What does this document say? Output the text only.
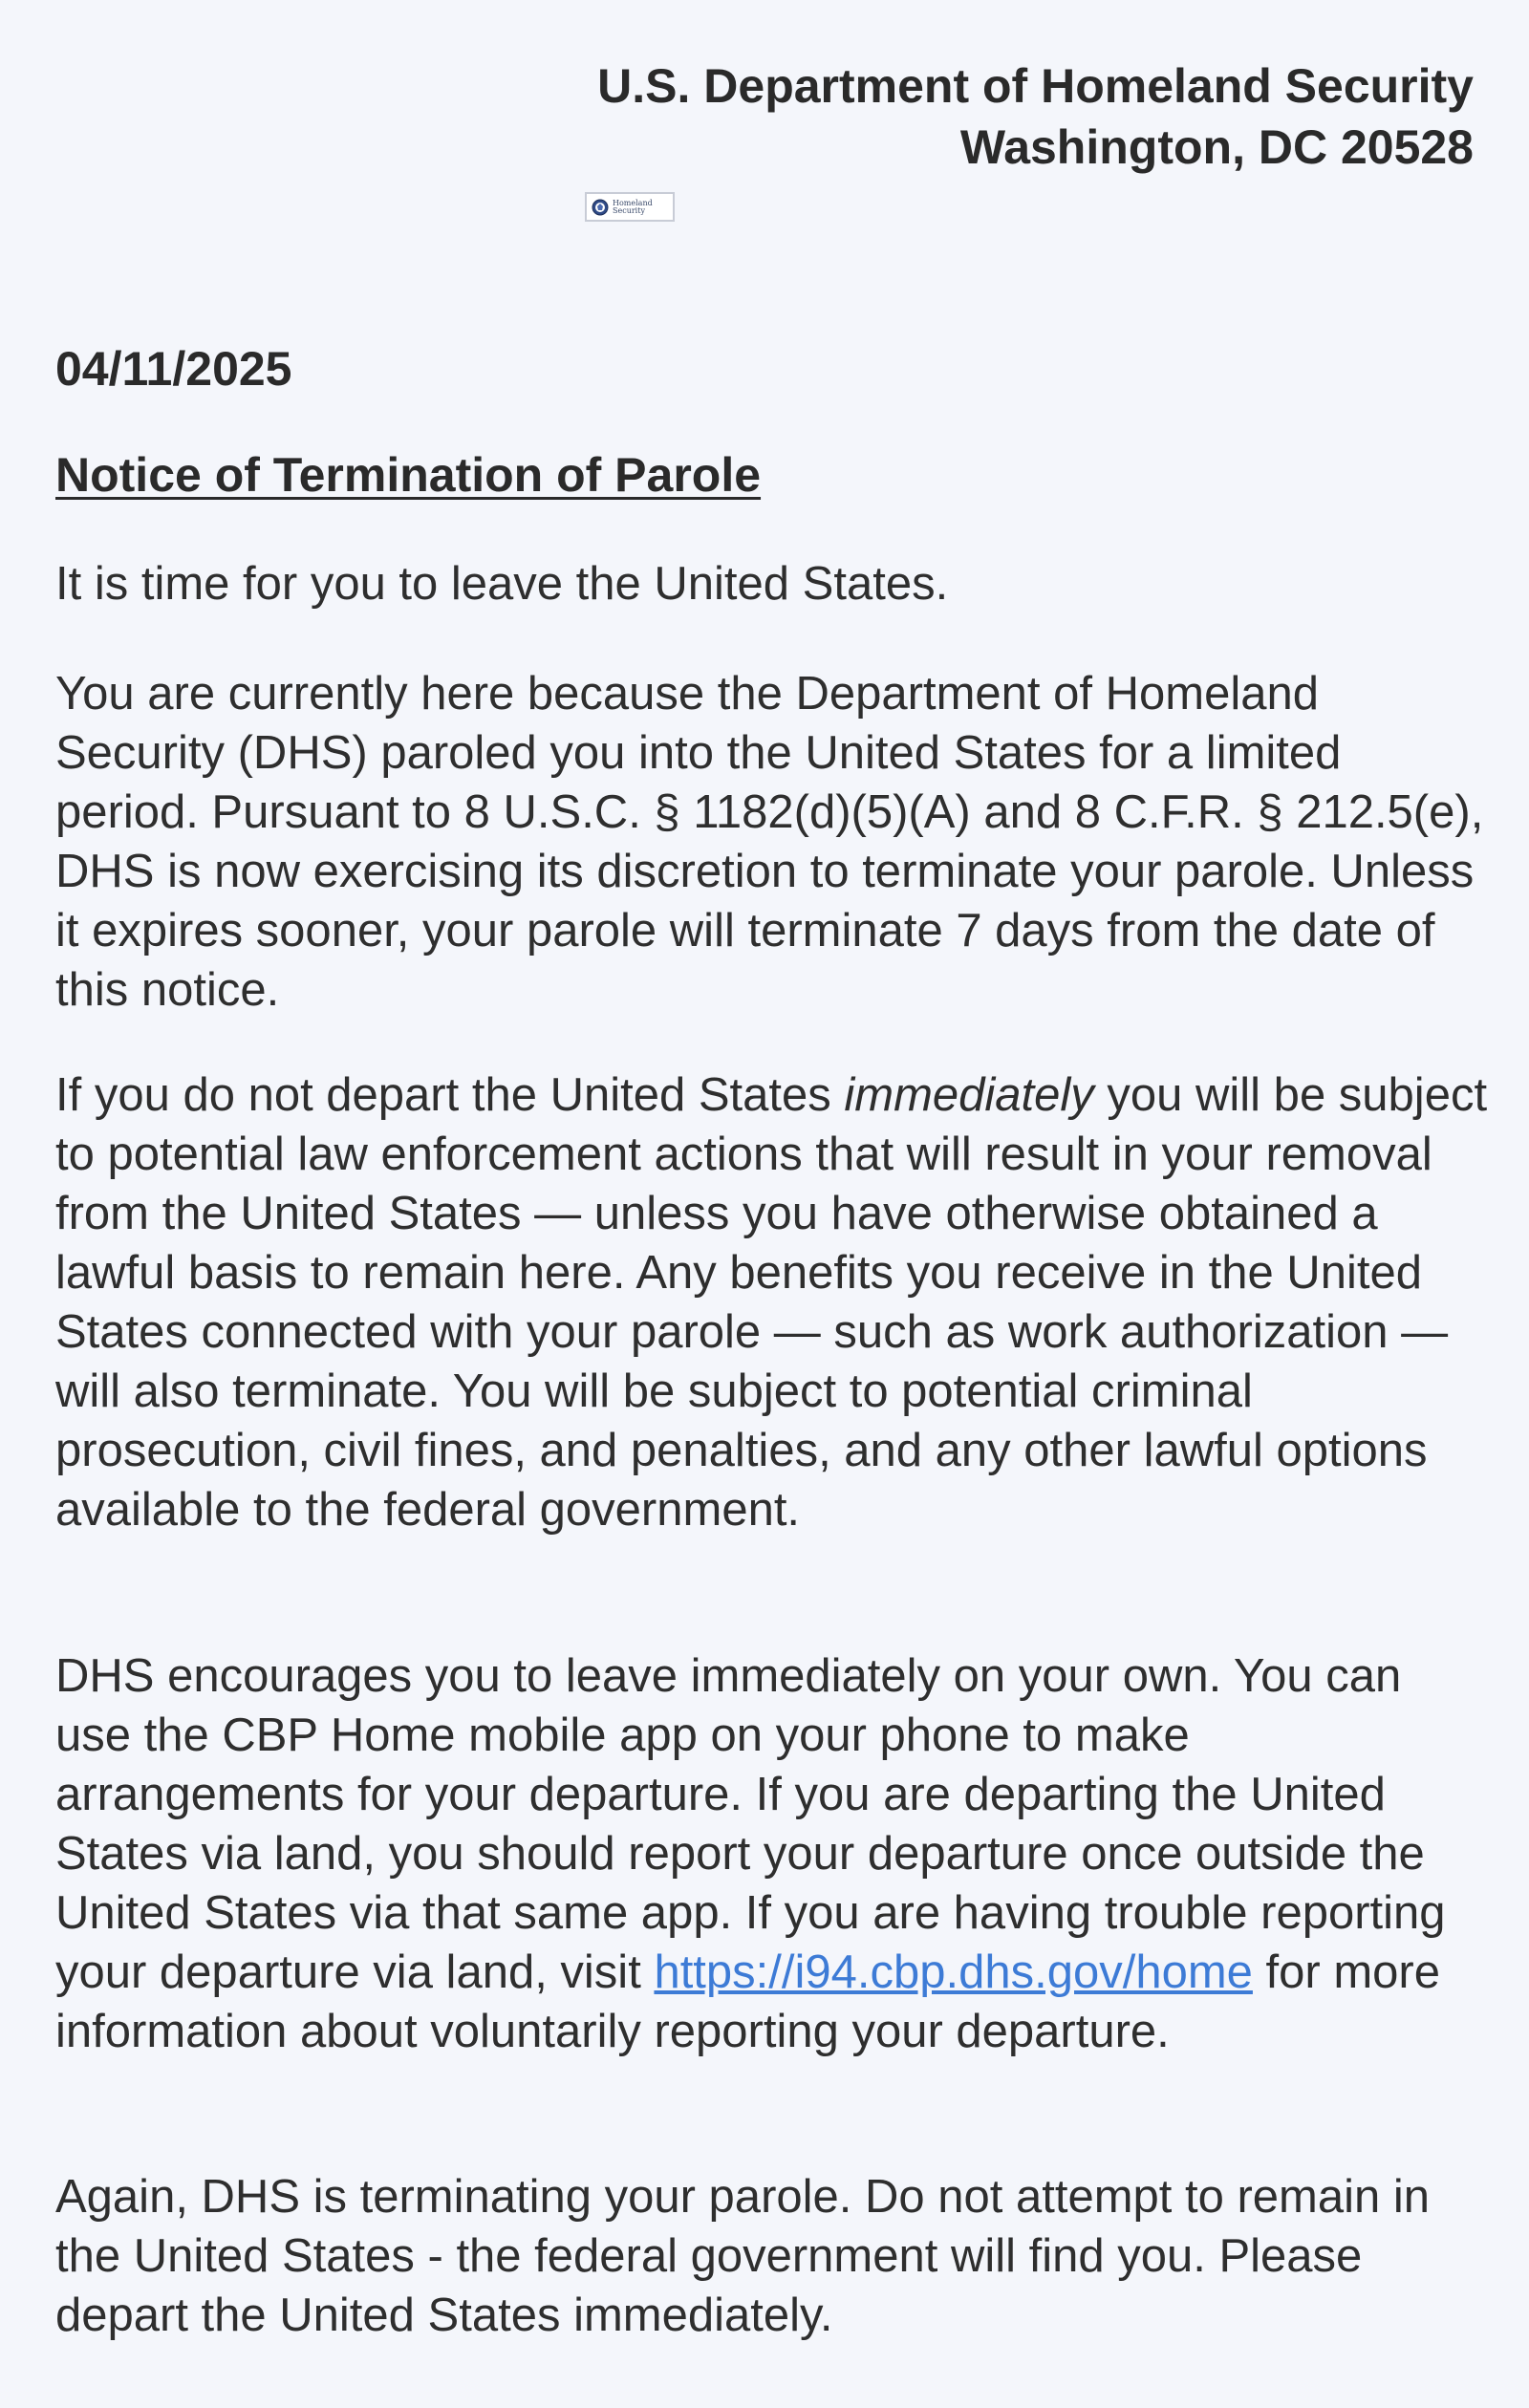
U.S. Department of Homeland Security
Washington, DC 20528
Homeland
Security
04/11/2025
Notice of Termination of Parole

It is time for you to leave the United States.

You are currently here because the Department of Homeland Security (DHS) paroled you into the United States for a limited period. Pursuant to 8 U.S.C. § 1182(d)(5)(A) and 8 C.F.R. § 212.5(e), DHS is now exercising its discretion to terminate your parole. Unless it expires sooner, your parole will terminate 7 days from the date of this notice.

If you do not depart the United States immediately you will be subject to potential law enforcement actions that will result in your removal from the United States — unless you have otherwise obtained a lawful basis to remain here. Any benefits you receive in the United States connected with your parole — such as work authorization — will also terminate. You will be subject to potential criminal prosecution, civil fines, and penalties, and any other lawful options available to the federal government.

DHS encourages you to leave immediately on your own. You can use the CBP Home mobile app on your phone to make arrangements for your departure. If you are departing the United States via land, you should report your departure once outside the United States via that same app. If you are having trouble reporting your departure via land, visit https://i94.cbp.dhs.gov/home for more information about voluntarily reporting your departure.

Again, DHS is terminating your parole. Do not attempt to remain in the United States - the federal government will find you. Please depart the United States immediately.
